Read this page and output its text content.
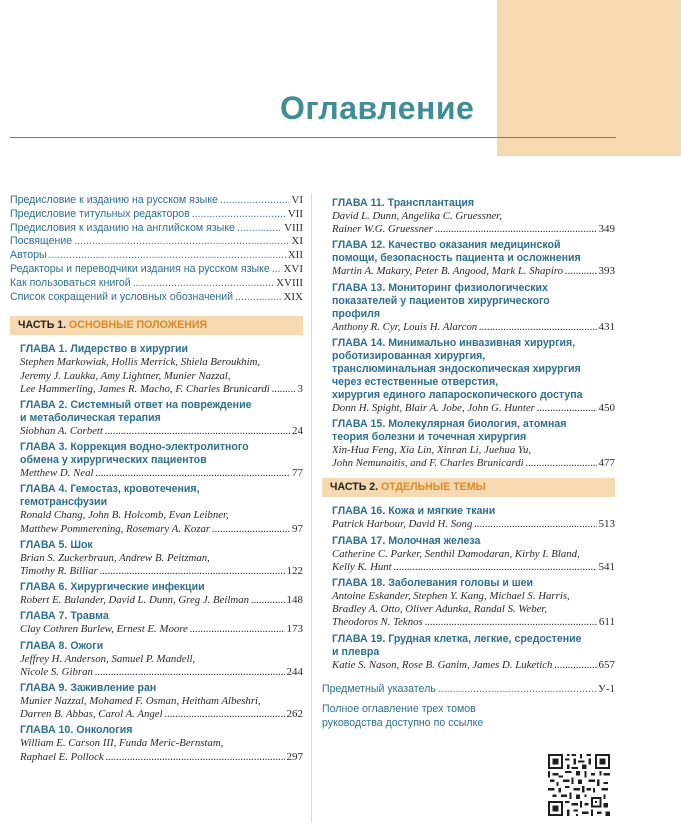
Оглавление
Предисловие к изданию на русском языке .....	VI
Предисловие титульных редакторов .....	VII
Предисловия к изданию на английском языке .....	VIII
Посвящение .....	XI
Авторы .....	XII
Редакторы и переводчики издания на русском языке ..... XVI
Как пользоваться книгой .....	XVIII
Список сокращений и условных обозначений .....	XIX
ЧАСТЬ 1. ОСНОВНЫЕ ПОЛОЖЕНИЯ
ГЛАВА 1. Лидерство в хирургии
Stephen Markowiak, Hollis Merrick, Shiela Beroukhim,
Jeremy J. Laukka, Amy Lightner, Munier Nazzal,
Lee Hammerling, James R. Macho, F. Charles Brunicardi .....	3
ГЛАВА 2. Системный ответ на повреждение
и метаболическая терапия
Siobhan A. Corbett .....	24
ГЛАВА 3. Коррекция водно-электролитного
обмена у хирургических пациентов
Metthew D. Neal .....	77
ГЛАВА 4. Гемостаз, кровотечения,
гемотрансфузии
Ronald Chang, John B. Holcomb, Evan Leibner,
Matthew Pommerening, Rosemary A. Kozar .....	97
ГЛАВА 5. Шок
Brian S. Zuckerbraun, Andrew B. Peitzman,
Timothy R. Billiar .....	122
ГЛАВА 6. Хирургические инфекции
Robert E. Bulander, David L. Dunn, Greg J. Beilman .....	148
ГЛАВА 7. Травма
Clay Cothren Burlew, Ernest E. Moore .....	173
ГЛАВА 8. Ожоги
Jeffrey H. Anderson, Samuel P. Mandell,
Nicole S. Gibran .....	244
ГЛАВА 9. Заживление ран
Munier Nazzal, Mohamed F. Osman, Heitham Albeshri,
Darren B. Abbas, Carol A. Angel .....	262
ГЛАВА 10. Онкология
William E. Carson III, Funda Meric-Bernstam,
Raphael E. Pollock .....	297
ГЛАВА 11. Трансплантация
David L. Dunn, Angelika C. Gruessner,
Rainer W.G. Gruessner .....	349
ГЛАВА 12. Качество оказания медицинской
помощи, безопасность пациента и осложнения
Martin A. Makary, Peter B. Angood, Mark L. Shapiro .....	393
ГЛАВА 13. Мониторинг физиологических
показателей у пациентов хирургического
профиля
Anthony R. Cyr, Louis H. Alarcon .....	431
ГЛАВА 14. Минимально инвазивная хирургия,
роботизированная хирургия,
транслюминальная эндоскопическая хирургия
через естественные отверстия,
хирургия единого лапароскопического доступа
Donn H. Spight, Blair A. Jobe, John G. Hunter .....	450
ГЛАВА 15. Молекулярная биология, атомная
теория болезни и точечная хирургия
Xin-Hua Feng, Xia Lin, Xinran Li, Juehua Yu,
John Nemunaitis, and F. Charles Brunicardi .....	477
ЧАСТЬ 2. ОТДЕЛЬНЫЕ ТЕМЫ
ГЛАВА 16. Кожа и мягкие ткани
Patrick Harbour, David H. Song .....	513
ГЛАВА 17. Молочная железа
Catherine C. Parker, Senthil Damodaran, Kirby I. Bland,
Kelly K. Hunt .....	541
ГЛАВА 18. Заболевания головы и шеи
Antoine Eskander, Stephen Y. Kang, Michael S. Harris,
Bradley A. Otto, Oliver Adunka, Randal S. Weber,
Theodoros N. Teknos .....	611
ГЛАВА 19. Грудная клетка, легкие, средостение
и плевра
Katie S. Nason, Rose B. Ganim, James D. Luketich .....	657
Предметный указатель .....	У-1
Полное оглавление трех томов
руководства доступно по ссылке
